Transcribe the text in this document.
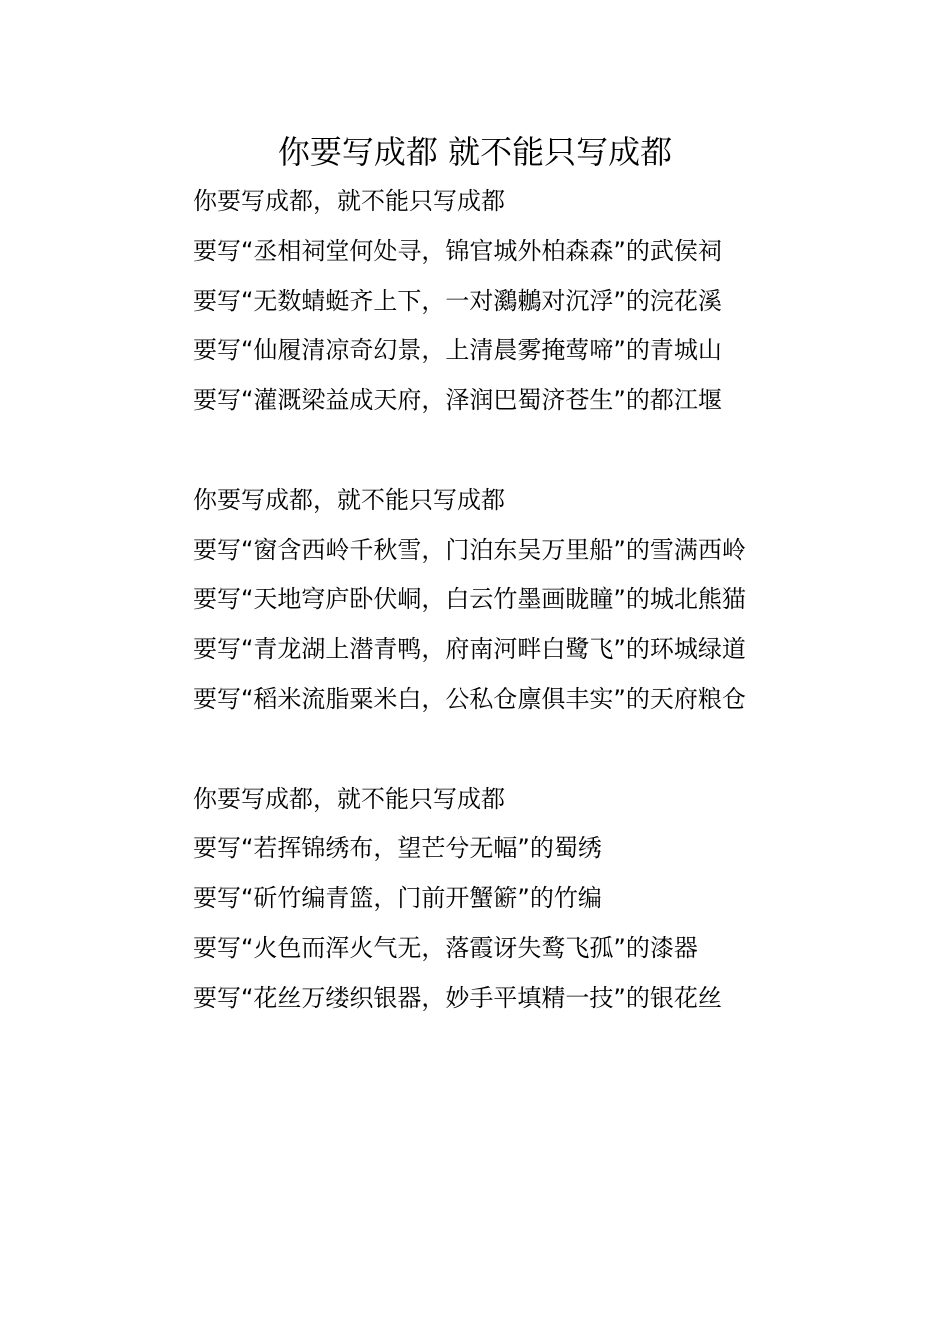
你要写成都 就不能只写成都

你要写成都，就不能只写成都

要写“丞相祠堂何处寻，锦官城外柏森森”的武侯祠

要写“无数蜻蜓齐上下，一对鸂鶒对沉浮”的浣花溪

要写“仙履清凉奇幻景，上清晨雾掩莺啼”的青城山

要写“灌溉梁益成天府，泽润巴蜀济苍生”的都江堰

你要写成都，就不能只写成都

要写“窗含西岭千秋雪，门泊东吴万里船”的雪满西岭

要写“天地穹庐卧伏峒，白云竹墨画眬瞳”的城北熊猫

要写“青龙湖上潜青鸭，府南河畔白鹭飞”的环城绿道

要写“稻米流脂粟米白，公私仓廪俱丰实”的天府粮仓

你要写成都，就不能只写成都

要写“若挥锦绣布，望芒兮无幅”的蜀绣

要写“斫竹编青篮，门前开蟹簖”的竹编

要写“火色而浑火气无，落霞讶失鹜飞孤”的漆器

要写“花丝万缕织银器，妙手平填精一技”的银花丝
